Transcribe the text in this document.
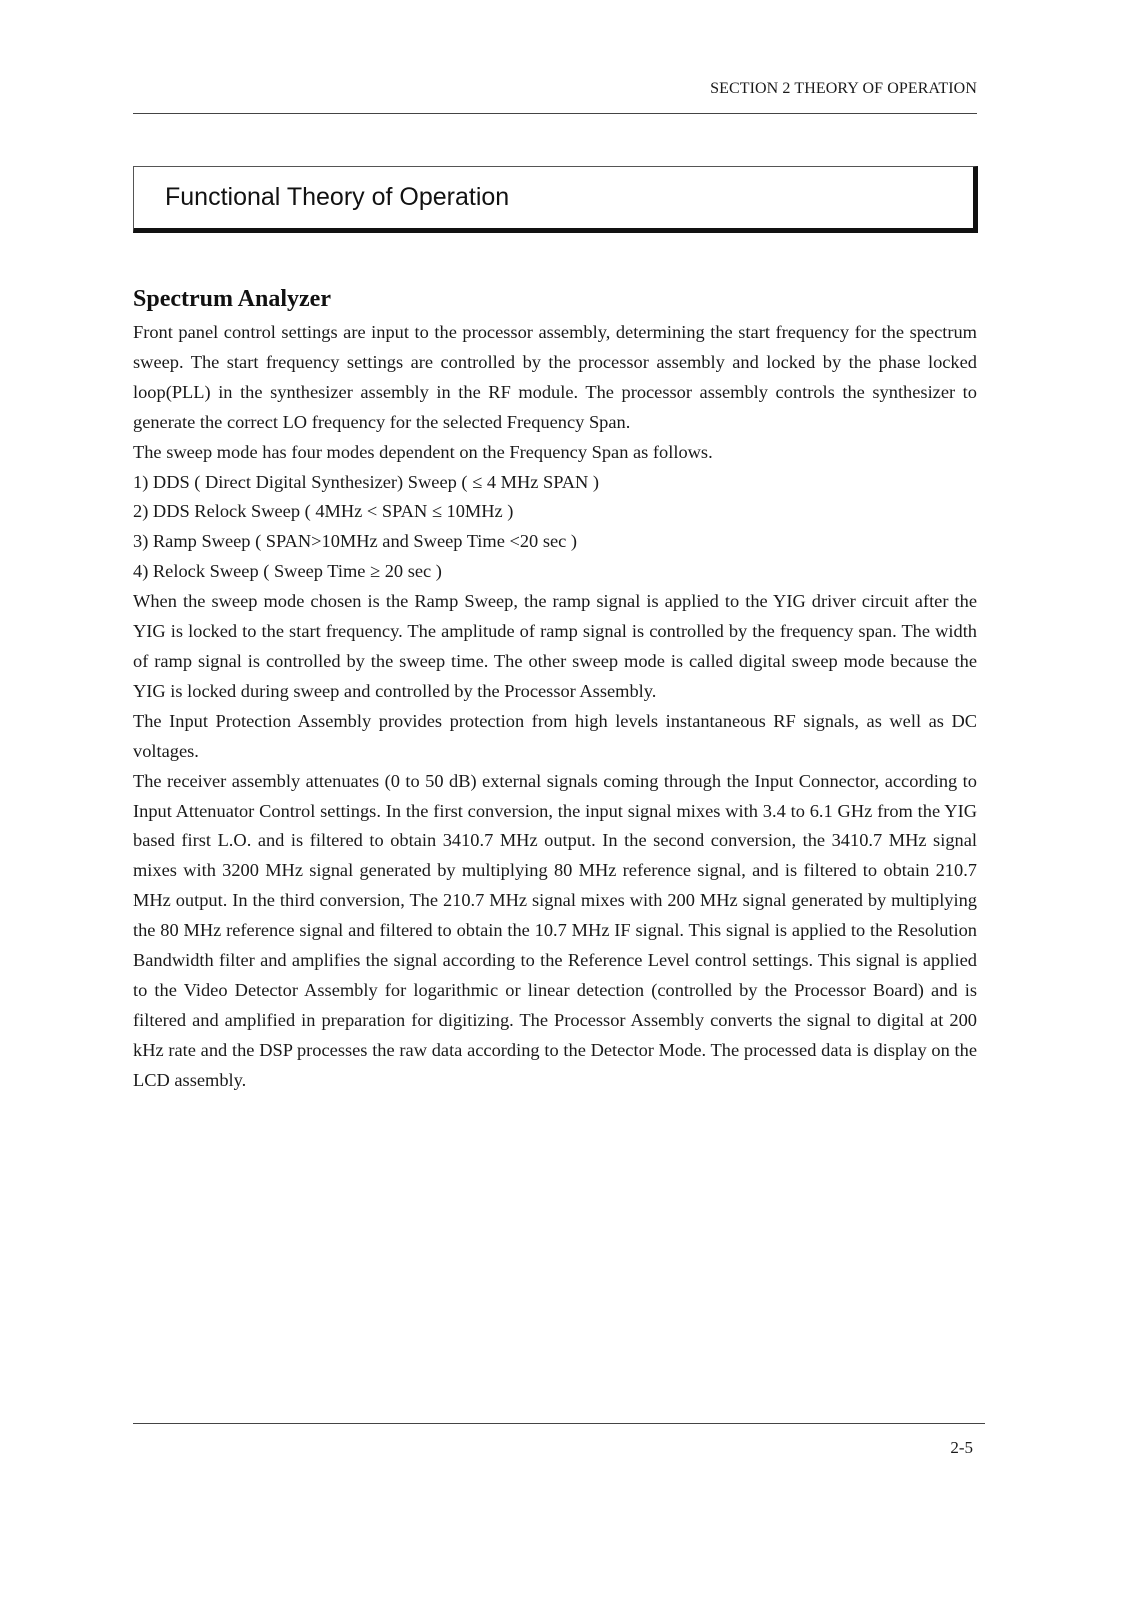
SECTION 2 THEORY OF OPERATION
Functional Theory of Operation
Spectrum Analyzer

Front panel control settings are input to the processor assembly, determining the start frequency for the spectrum sweep. The start frequency settings are controlled by the processor assembly and locked by the phase locked loop(PLL) in the synthesizer assembly in the RF module. The processor assembly controls the synthesizer to generate the correct LO frequency for the selected Frequency Span.

The sweep mode has four modes dependent on the Frequency Span as follows.

1) DDS ( Direct Digital Synthesizer) Sweep ( ≤ 4 MHz SPAN )

2) DDS Relock Sweep ( 4MHz < SPAN ≤ 10MHz )

3) Ramp Sweep ( SPAN>10MHz and Sweep Time <20 sec )

4) Relock Sweep ( Sweep Time ≥ 20 sec )

When the sweep mode chosen is the Ramp Sweep, the ramp signal is applied to the YIG driver circuit after the YIG is locked to the start frequency. The amplitude of ramp signal is controlled by the frequency span. The width of ramp signal is controlled by the sweep time. The other sweep mode is called digital sweep mode because the YIG is locked during sweep and controlled by the Processor Assembly.

The Input Protection Assembly provides protection from high levels instantaneous RF signals, as well as DC voltages.

The receiver assembly attenuates (0 to 50 dB) external signals coming through the Input Connector, according to Input Attenuator Control settings. In the first conversion, the input signal mixes with 3.4 to 6.1 GHz from the YIG based first L.O. and is filtered to obtain 3410.7 MHz output. In the second conversion, the 3410.7 MHz signal mixes with 3200 MHz signal generated by multiplying 80 MHz reference signal, and is filtered to obtain 210.7 MHz output. In the third conversion, The 210.7 MHz signal mixes with 200 MHz signal generated by multiplying the 80 MHz reference signal and filtered to obtain the 10.7 MHz IF signal. This signal is applied to the Resolution Bandwidth filter and amplifies the signal according to the Reference Level control settings. This signal is applied to the Video Detector Assembly for logarithmic or linear detection (controlled by the Processor Board) and is filtered and amplified in preparation for digitizing. The Processor Assembly converts the signal to digital at 200 kHz rate and the DSP processes the raw data according to the Detector Mode. The processed data is display on the LCD assembly.

2-5
